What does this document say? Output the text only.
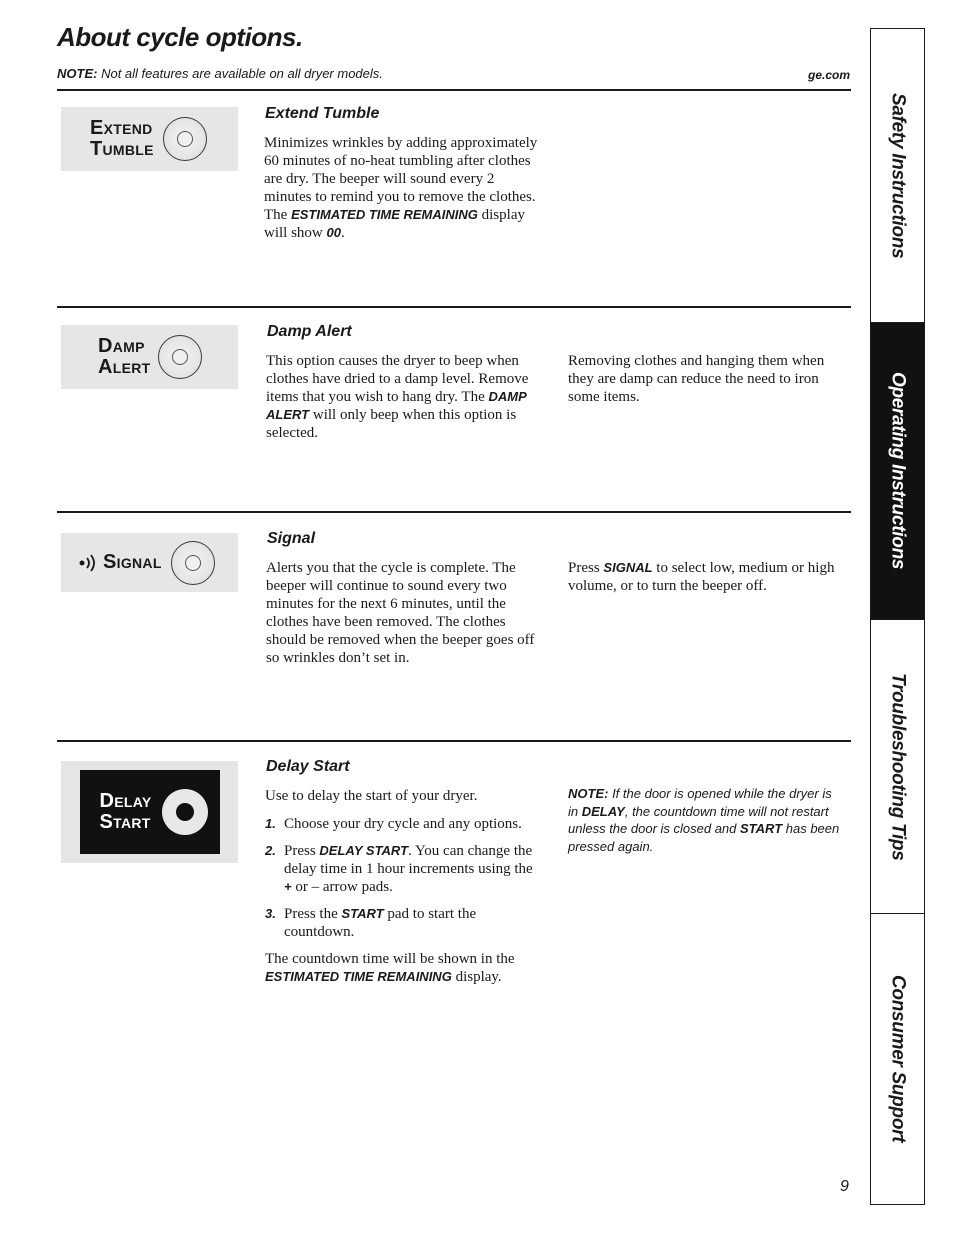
About cycle options.
NOTE: Not all features are available on all dryer models.	ge.com
Extend
Tumble
Extend Tumble

Minimizes wrinkles by adding approximately 60 minutes of no-heat tumbling after clothes are dry. The beeper will sound every 2 minutes to remind you to remove the clothes. The ESTIMATED TIME REMAINING display will show 00.

Damp
Alert
Damp Alert

This option causes the dryer to beep when clothes have dried to a damp level. Remove items that you wish to hang dry. The DAMP ALERT will only beep when this option is selected.

Removing clothes and hanging them when they are damp can reduce the need to iron some items.

Signal
Signal

Alerts you that the cycle is complete. The beeper will continue to sound every two minutes for the next 6 minutes, until the clothes have been removed. The clothes should be removed when the beeper goes off so wrinkles don’t set in.

Press SIGNAL to select low, medium or high volume, or to turn the beeper off.

Delay
Start
Delay Start

Use to delay the start of your dryer.

1. Choose your dry cycle and any options.
2. Press DELAY START. You can change the delay time in 1 hour increments using the + or – arrow pads.
3. Press the START pad to start the countdown.

The countdown time will be shown in the ESTIMATED TIME REMAINING display.

NOTE: If the door is opened while the dryer is in DELAY, the countdown time will not restart unless the door is closed and START has been pressed again.

Safety Instructions
Operating Instructions
Troubleshooting Tips
Consumer Support
9
